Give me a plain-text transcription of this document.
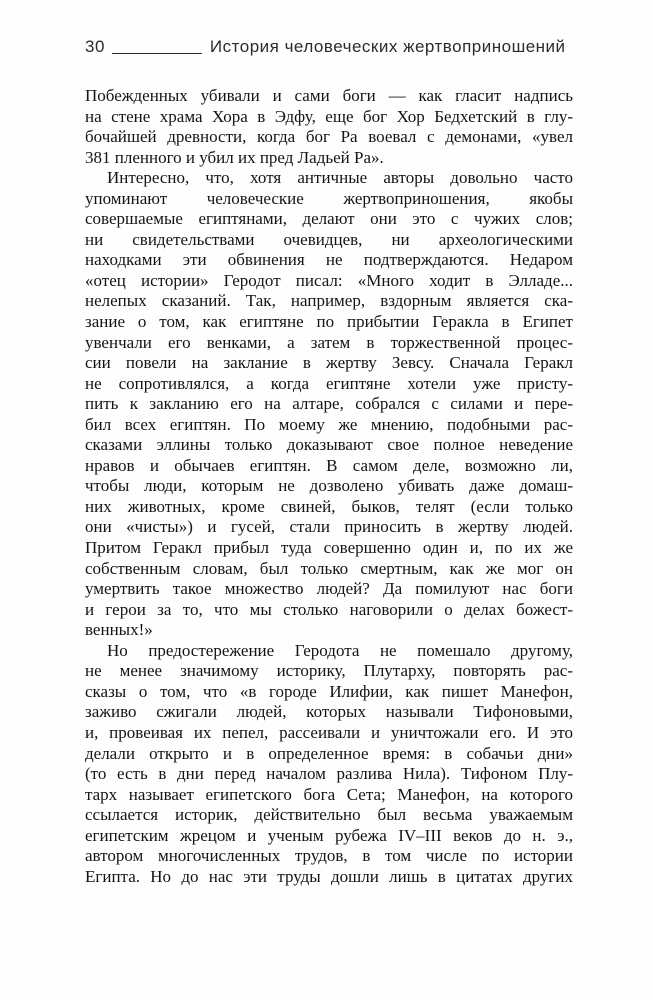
30	История человеческих жертвоприношений
Побежденных убивали и сами боги — как гласит надпись
на стене храма Хора в Эдфу, еще бог Хор Бедхетский в глу-
бочайшей древности, когда бог Ра воевал с демонами, «увел
381 пленного и убил их пред Ладьей Ра».
Интересно, что, хотя античные авторы довольно часто
упоминают человеческие жертвоприношения, якобы
совершаемые египтянами, делают они это с чужих слов;
ни свидетельствами очевидцев, ни археологическими
находками эти обвинения не подтверждаются. Недаром
«отец истории» Геродот писал: «Много ходит в Элладе...
нелепых сказаний. Так, например, вздорным является ска-
зание о том, как египтяне по прибытии Геракла в Египет
увенчали его венками, а затем в торжественной процес-
сии повели на заклание в жертву Зевсу. Сначала Геракл
не сопротивлялся, а когда египтяне хотели уже присту-
пить к закланию его на алтаре, собрался с силами и пере-
бил всех египтян. По моему же мнению, подобными рас-
сказами эллины только доказывают свое полное неведение
нравов и обычаев египтян. В самом деле, возможно ли,
чтобы люди, которым не дозволено убивать даже домаш-
них животных, кроме свиней, быков, телят (если только
они «чисты») и гусей, стали приносить в жертву людей.
Притом Геракл прибыл туда совершенно один и, по их же
собственным словам, был только смертным, как же мог он
умертвить такое множество людей? Да помилуют нас боги
и герои за то, что мы столько наговорили о делах божест-
венных!»
Но предостережение Геродота не помешало другому,
не менее значимому историку, Плутарху, повторять рас-
сказы о том, что «в городе Илифии, как пишет Манефон,
заживо сжигали людей, которых называли Тифоновыми,
и, провеивая их пепел, рассеивали и уничтожали его. И это
делали открыто и в определенное время: в собачьи дни»
(то есть в дни перед началом разлива Нила). Тифоном Плу-
тарх называет египетского бога Сета; Манефон, на которого
ссылается историк, действительно был весьма уважаемым
египетским жрецом и ученым рубежа IV–III веков до н. э.,
автором многочисленных трудов, в том числе по истории
Египта. Но до нас эти труды дошли лишь в цитатах других
